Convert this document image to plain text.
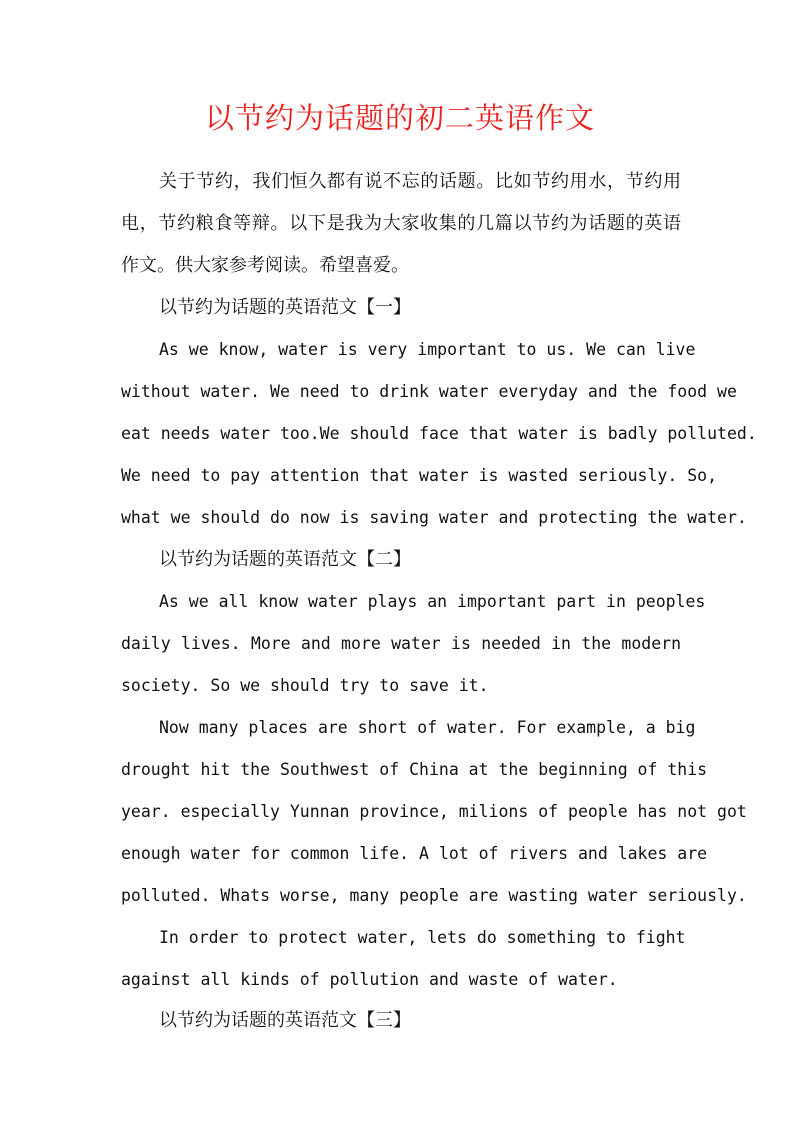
以节约为话题的初二英语作文
关于节约，我们恒久都有说不忘的话题。比如节约用水，节约用
电，节约粮食等辩。以下是我为大家收集的几篇以节约为话题的英语
作文。供大家参考阅读。希望喜爱。
以节约为话题的英语范文【一】
As we know, water is very important to us. We can live
without water. We need to drink water everyday and the food we
eat needs water too.We should face that water is badly polluted.
We need to pay attention that water is wasted seriously. So,
what we should do now is saving water and protecting the water.
以节约为话题的英语范文【二】
As we all know water plays an important part in peoples
daily lives. More and more water is needed in the modern
society. So we should try to save it.
Now many places are short of water. For example, a big
drought hit the Southwest of China at the beginning of this
year. especially Yunnan province, milions of people has not got
enough water for common life. A lot of rivers and lakes are
polluted. Whats worse, many people are wasting water seriously.
In order to protect water, lets do something to fight
against all kinds of pollution and waste of water.
以节约为话题的英语范文【三】
